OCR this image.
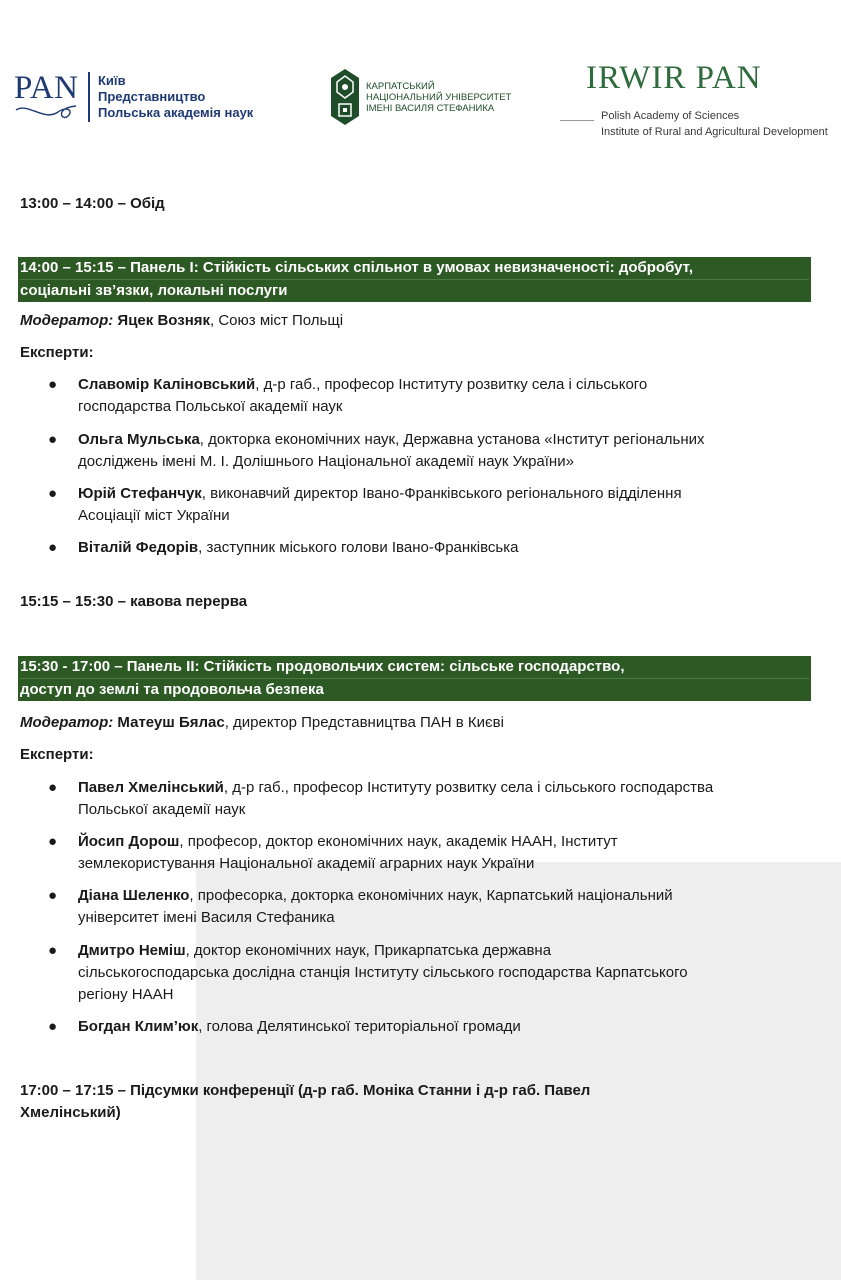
PAN Київ
Представництво
Польська академія наук
КАРПАТСЬКИЙ
НАЦІОНАЛЬНИЙ УНІВЕРСИТЕТ
ІМЕНІ ВАСИЛЯ СТЕФАНИКА
IRWIR PAN
Polish Academy of Sciences
Institute of Rural and Agricultural Development
13:00 – 14:00 – Обід
14:00 – 15:15 – Панель I: Стійкість сільських спільнот в умовах невизначеності: добробут,
соціальні зв’язки, локальні послуги
Модератор: Яцек Возняк, Союз міст Польщі
Експерти:
● Славомір Каліновський, д-р габ., професор Інституту розвитку села і сільського
господарства Польської академії наук
● Ольга Мульська, докторка економічних наук, Державна установа «Інститут регіональних
досліджень імені М. І. Долішнього Національної академії наук України»
● Юрій Стефанчук, виконавчий директор Івано-Франківського регіонального відділення
Асоціації міст України
● Віталій Федорів, заступник міського голови Івано-Франківська
15:15 – 15:30 – кавова перерва
15:30 - 17:00 – Панель II: Стійкість продовольчих систем: сільське господарство,
доступ до землі та продовольча безпека
Модератор: Матеуш Бялас, директор Представництва ПАН в Києві
Експерти:
● Павел Хмелінський, д-р габ., професор Інституту розвитку села і сільського господарства
Польської академії наук
● Йосип Дорош, професор, доктор економічних наук, академік НААН, Інститут
землекористування Національної академії аграрних наук України
● Діана Шеленко, професорка, докторка економічних наук, Карпатський національний
університет імені Василя Стефаника
● Дмитро Неміш, доктор економічних наук, Прикарпатська державна
сільськогосподарська дослідна станція Інституту сільського господарства Карпатського
регіону НААН
● Богдан Клим’юк, голова Делятинської територіальної громади
17:00 – 17:15 – Підсумки конференції (д-р габ. Моніка Станни і д-р габ. Павел
Хмелінський)
